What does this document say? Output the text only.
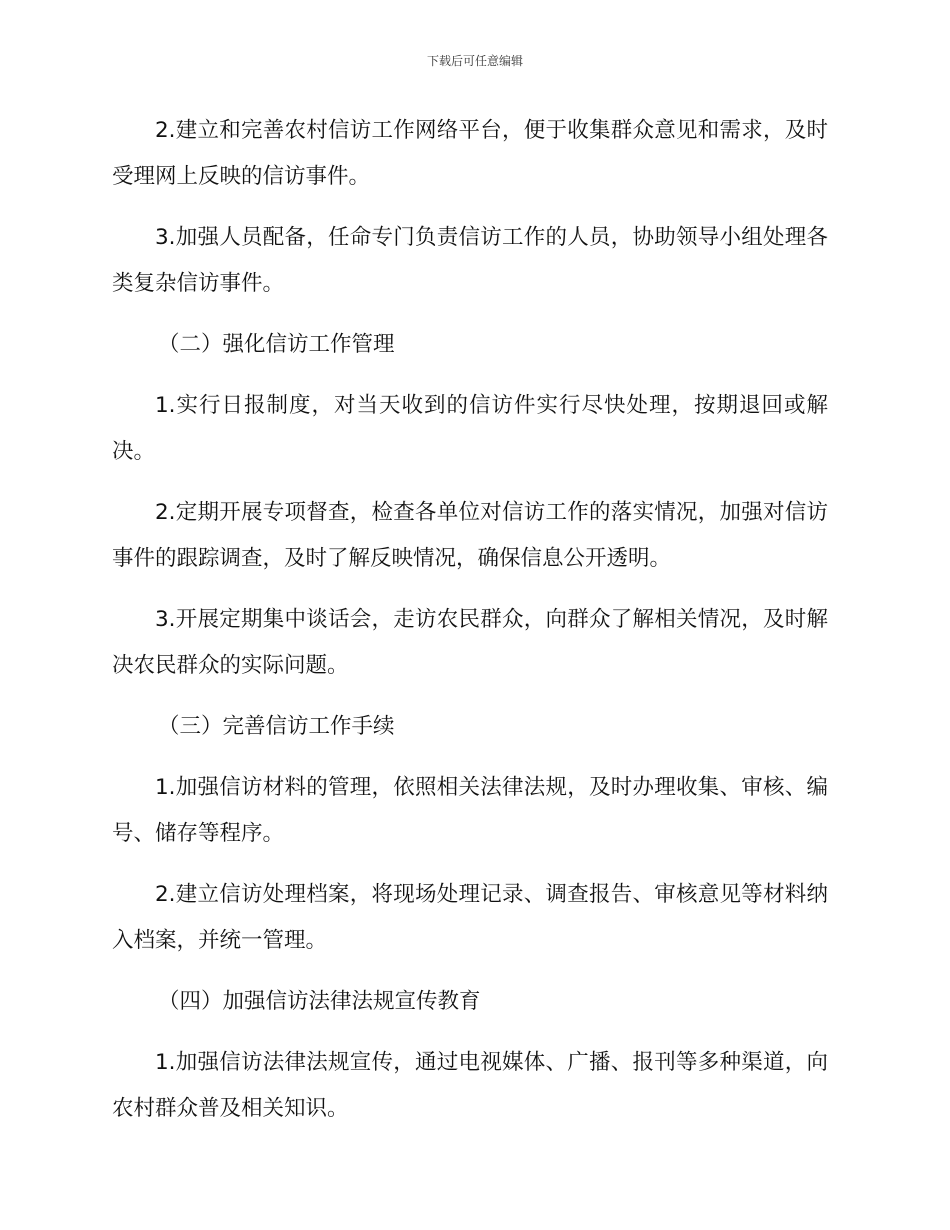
下载后可任意编辑

2.建立和完善农村信访工作网络平台，便于收集群众意见和需求，及时受理网上反映的信访事件。

3.加强人员配备，任命专门负责信访工作的人员，协助领导小组处理各类复杂信访事件。

（二）强化信访工作管理

1.实行日报制度，对当天收到的信访件实行尽快处理，按期退回或解决。

2.定期开展专项督查，检查各单位对信访工作的落实情况，加强对信访事件的跟踪调查，及时了解反映情况，确保信息公开透明。

3.开展定期集中谈话会，走访农民群众，向群众了解相关情况，及时解决农民群众的实际问题。

（三）完善信访工作手续

1.加强信访材料的管理，依照相关法律法规，及时办理收集、审核、编号、储存等程序。

2.建立信访处理档案，将现场处理记录、调查报告、审核意见等材料纳入档案，并统一管理。

（四）加强信访法律法规宣传教育

1.加强信访法律法规宣传，通过电视媒体、广播、报刊等多种渠道，向农村群众普及相关知识。
